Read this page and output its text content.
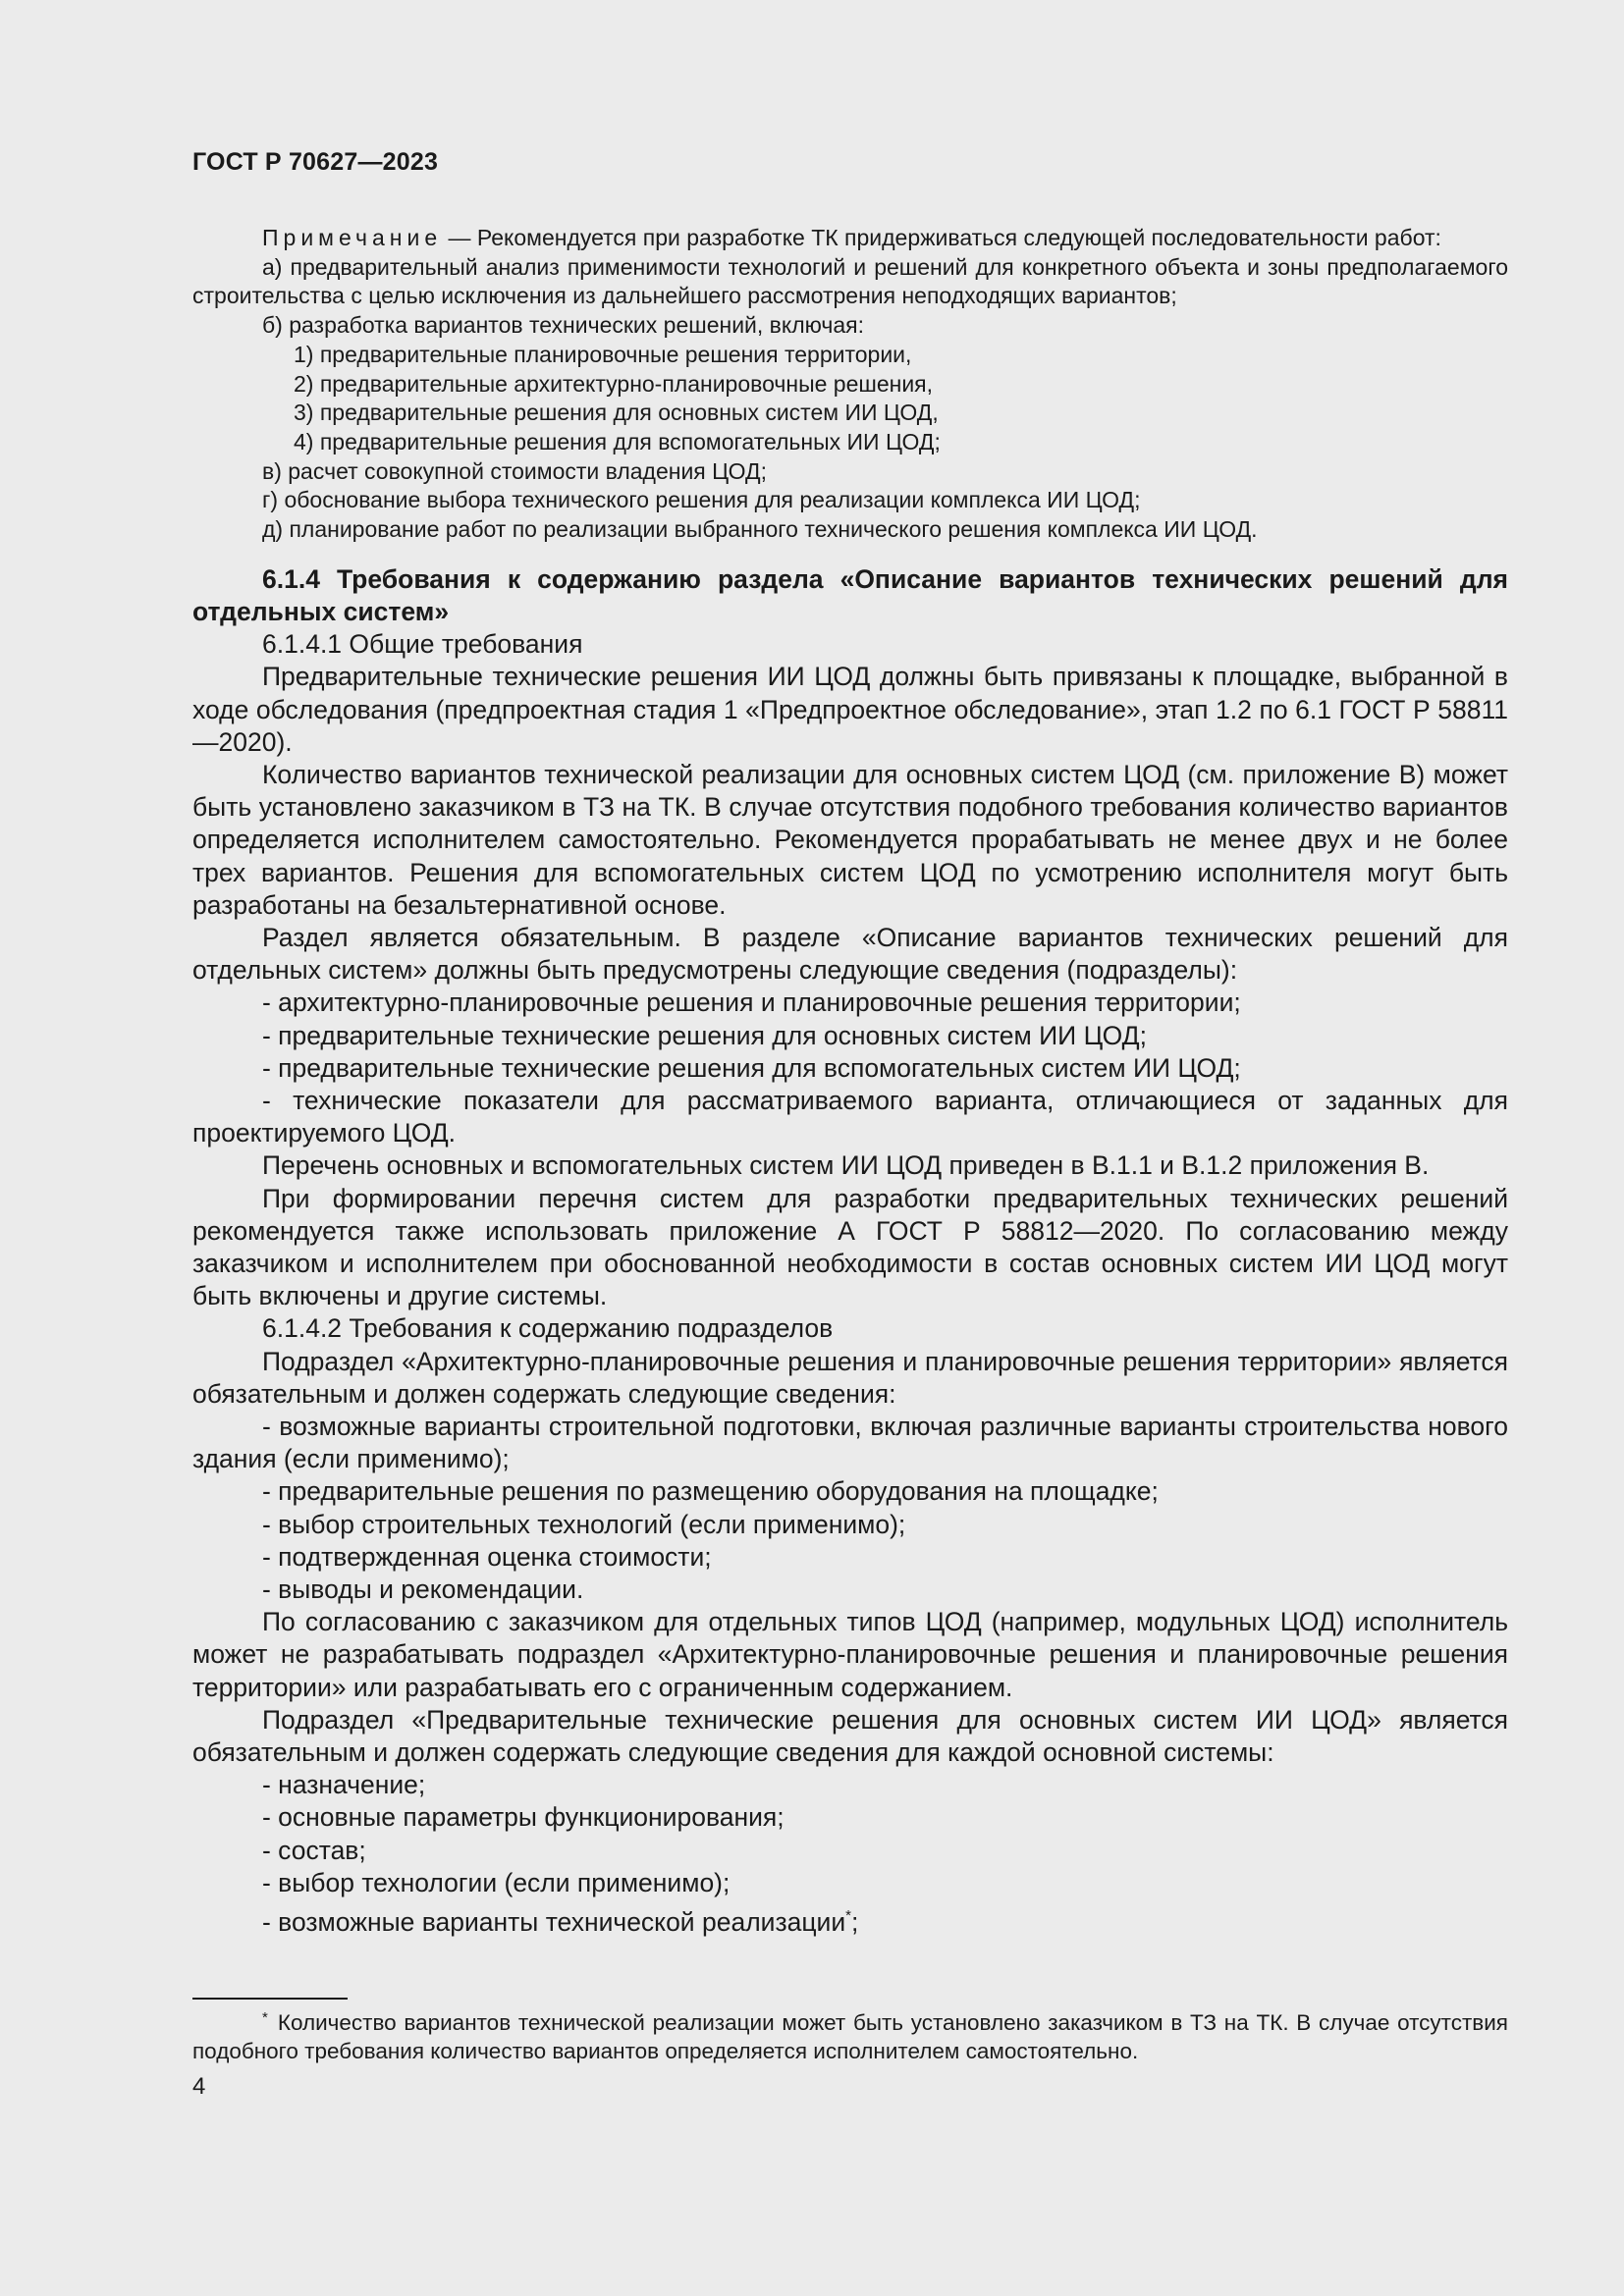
ГОСТ Р 70627—2023

Примечание — Рекомендуется при разработке ТК придерживаться следующей последовательности работ:

а) предварительный анализ применимости технологий и решений для конкретного объекта и зоны предполагаемого строительства с целью исключения из дальнейшего рассмотрения неподходящих вариантов;

б) разработка вариантов технических решений, включая:

1) предварительные планировочные решения территории,

2) предварительные архитектурно-планировочные решения,

3) предварительные решения для основных систем ИИ ЦОД,

4) предварительные решения для вспомогательных ИИ ЦОД;

в) расчет совокупной стоимости владения ЦОД;

г) обоснование выбора технического решения для реализации комплекса ИИ ЦОД;

д) планирование работ по реализации выбранного технического решения комплекса ИИ ЦОД.

6.1.4 Требования к содержанию раздела «Описание вариантов технических решений для отдельных систем»

6.1.4.1 Общие требования

Предварительные технические решения ИИ ЦОД должны быть привязаны к площадке, выбранной в ходе обследования (предпроектная стадия 1 «Предпроектное обследование», этап 1.2 по 6.1 ГОСТ Р 58811—2020).

Количество вариантов технической реализации для основных систем ЦОД (см. приложение В) может быть установлено заказчиком в ТЗ на ТК. В случае отсутствия подобного требования количество вариантов определяется исполнителем самостоятельно. Рекомендуется прорабатывать не менее двух и не более трех вариантов. Решения для вспомогательных систем ЦОД по усмотрению исполнителя могут быть разработаны на безальтернативной основе.

Раздел является обязательным. В разделе «Описание вариантов технических решений для отдельных систем» должны быть предусмотрены следующие сведения (подразделы):

- архитектурно-планировочные решения и планировочные решения территории;

- предварительные технические решения для основных систем ИИ ЦОД;

- предварительные технические решения для вспомогательных систем ИИ ЦОД;

- технические показатели для рассматриваемого варианта, отличающиеся от заданных для проектируемого ЦОД.

Перечень основных и вспомогательных систем ИИ ЦОД приведен в В.1.1 и В.1.2 приложения В.

При формировании перечня систем для разработки предварительных технических решений рекомендуется также использовать приложение А ГОСТ Р 58812—2020. По согласованию между заказчиком и исполнителем при обоснованной необходимости в состав основных систем ИИ ЦОД могут быть включены и другие системы.

6.1.4.2 Требования к содержанию подразделов

Подраздел «Архитектурно-планировочные решения и планировочные решения территории» является обязательным и должен содержать следующие сведения:

- возможные варианты строительной подготовки, включая различные варианты строительства нового здания (если применимо);

- предварительные решения по размещению оборудования на площадке;

- выбор строительных технологий (если применимо);

- подтвержденная оценка стоимости;

- выводы и рекомендации.

По согласованию с заказчиком для отдельных типов ЦОД (например, модульных ЦОД) исполнитель может не разрабатывать подраздел «Архитектурно-планировочные решения и планировочные решения территории» или разрабатывать его с ограниченным содержанием.

Подраздел «Предварительные технические решения для основных систем ИИ ЦОД» является обязательным и должен содержать следующие сведения для каждой основной системы:

- назначение;

- основные параметры функционирования;

- состав;

- выбор технологии (если применимо);

- возможные варианты технической реализации*;

* Количество вариантов технической реализации может быть установлено заказчиком в ТЗ на ТК. В случае отсутствия подобного требования количество вариантов определяется исполнителем самостоятельно.

4
